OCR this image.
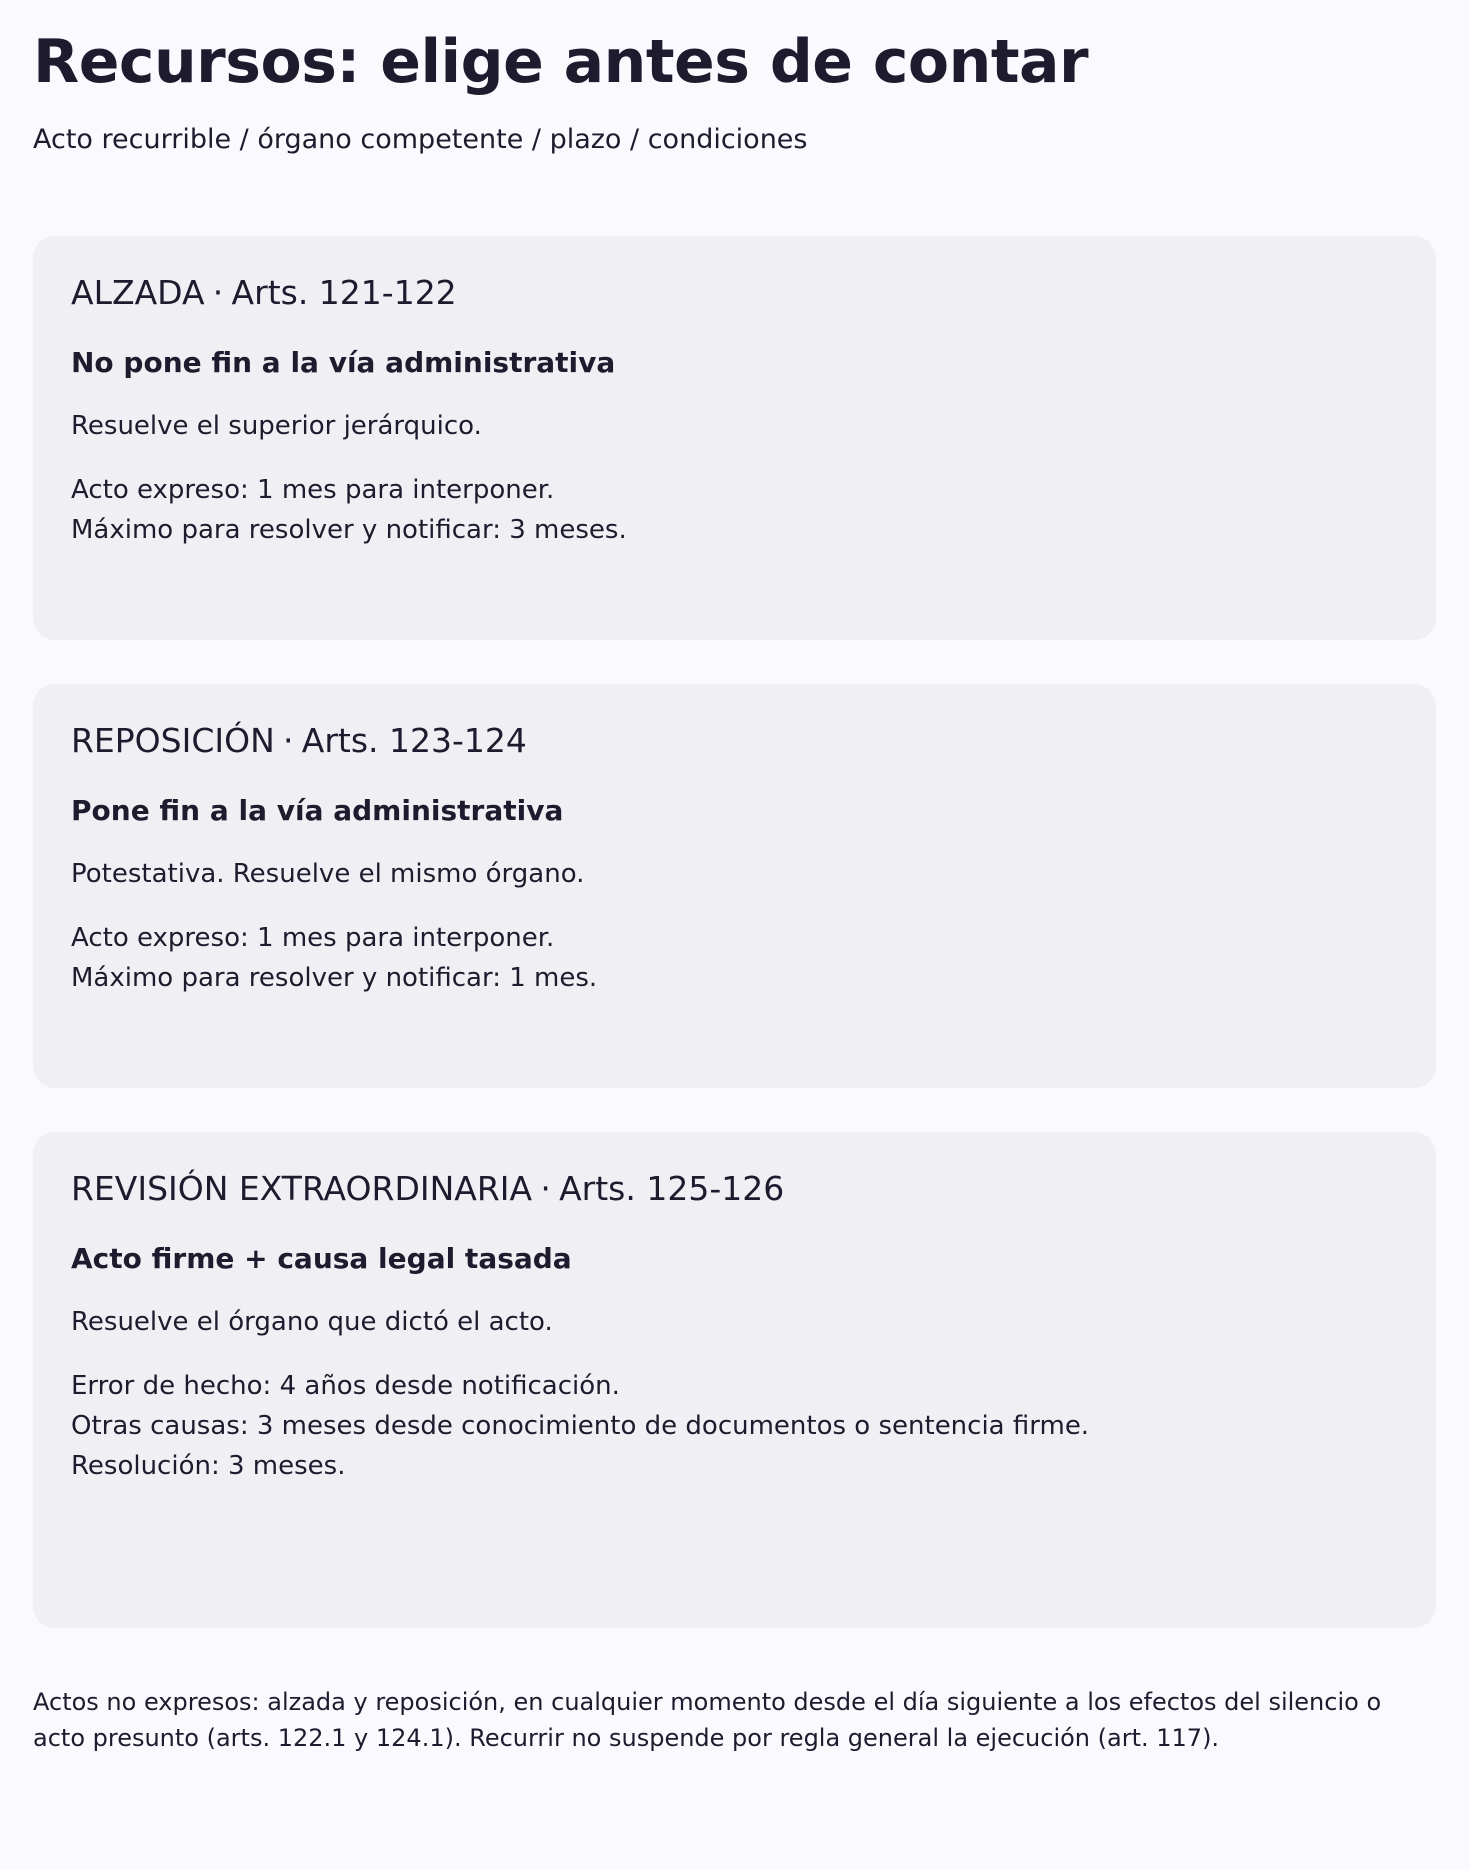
Recursos: elige antes de contar

Acto recurrible / órgano competente / plazo / condiciones

ALZADA · Arts. 121-122
No pone fin a la vía administrativa

Resuelve el superior jerárquico.

Acto expreso: 1 mes para interponer.
Máximo para resolver y notificar: 3 meses.
REPOSICIÓN · Arts. 123-124
Pone fin a la vía administrativa

Potestativa. Resuelve el mismo órgano.

Acto expreso: 1 mes para interponer.
Máximo para resolver y notificar: 1 mes.
REVISIÓN EXTRAORDINARIA · Arts. 125-126
Acto firme + causa legal tasada

Resuelve el órgano que dictó el acto.

Error de hecho: 4 años desde notificación.
Otras causas: 3 meses desde conocimiento de documentos o sentencia firme.
Resolución: 3 meses.

Actos no expresos: alzada y reposición, en cualquier momento desde el día siguiente a los efectos del silencio o acto presunto (arts. 122.1 y 124.1). Recurrir no suspende por regla general la ejecución (art. 117).
